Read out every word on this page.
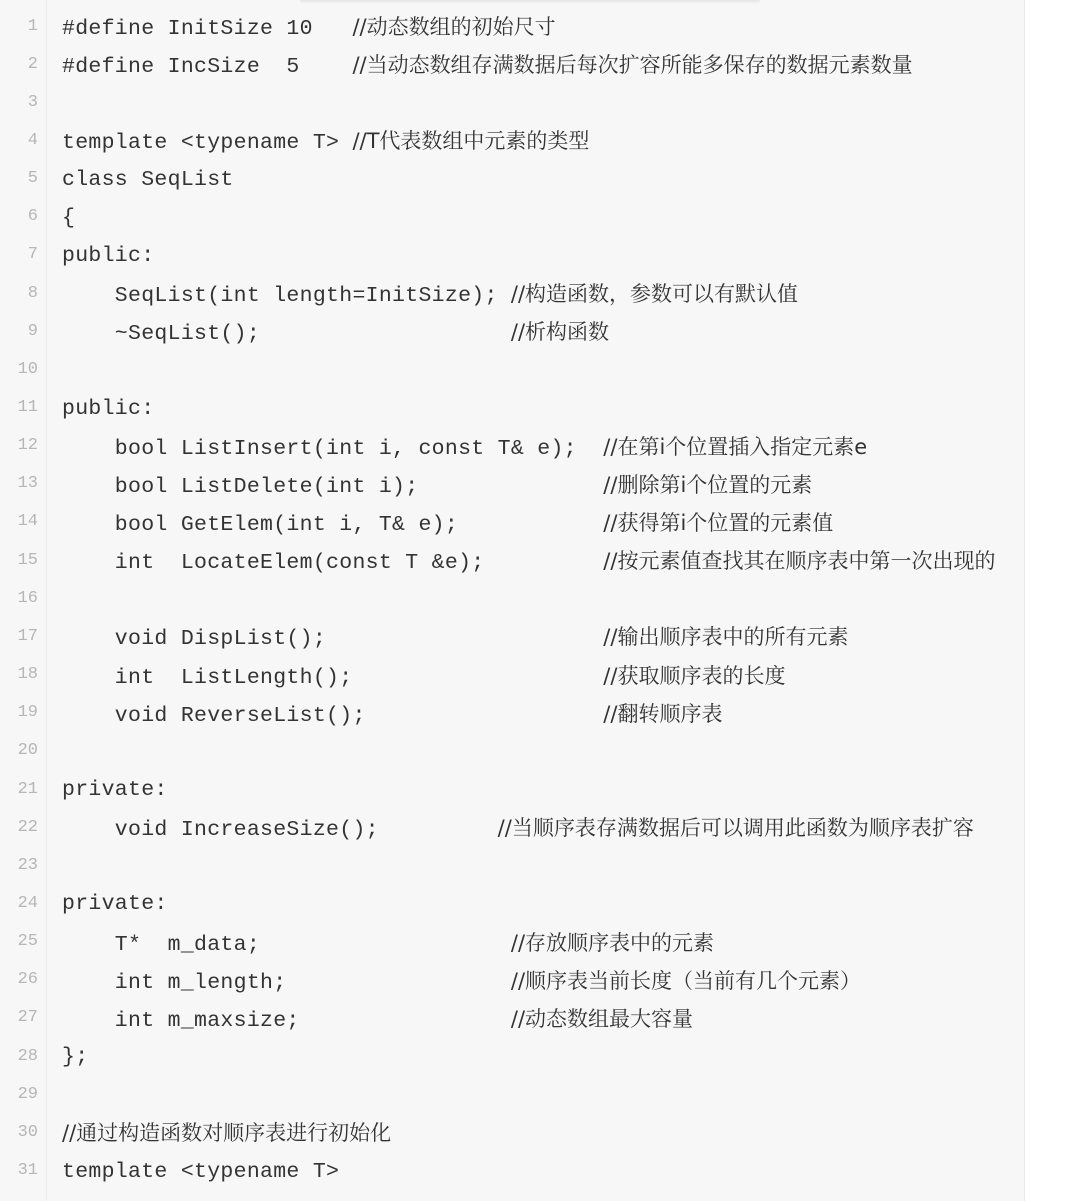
1 #define InitSize 10   //动态数组的初始尺寸
2 #define IncSize  5    //当动态数组存满数据后每次扩容所能多保存的数据元素数量
3
4 template <typename T> //T代表数组中元素的类型
5 class SeqList
6 {
7 public:
8 SeqList(int length=InitSize); //构造函数，参数可以有默认值
9 ~SeqList();                   //析构函数
10
11 public:
12 bool ListInsert(int i, const T& e);  //在第i个位置插入指定元素e
13 bool ListDelete(int i);              //删除第i个位置的元素
14 bool GetElem(int i, T& e);           //获得第i个位置的元素值
15 int  LocateElem(const T &e);         //按元素值查找其在顺序表中第一次出现的
16
17 void DispList();                     //输出顺序表中的所有元素
18 int  ListLength();                   //获取顺序表的长度
19 void ReverseList();                  //翻转顺序表
20
21 private:
22 void IncreaseSize();         //当顺序表存满数据后可以调用此函数为顺序表扩容
23
24 private:
25 T*  m_data;                   //存放顺序表中的元素
26 int m_length;                 //顺序表当前长度（当前有几个元素）
27 int m_maxsize;                //动态数组最大容量
28 };
29
30 //通过构造函数对顺序表进行初始化
31 template <typename T>
